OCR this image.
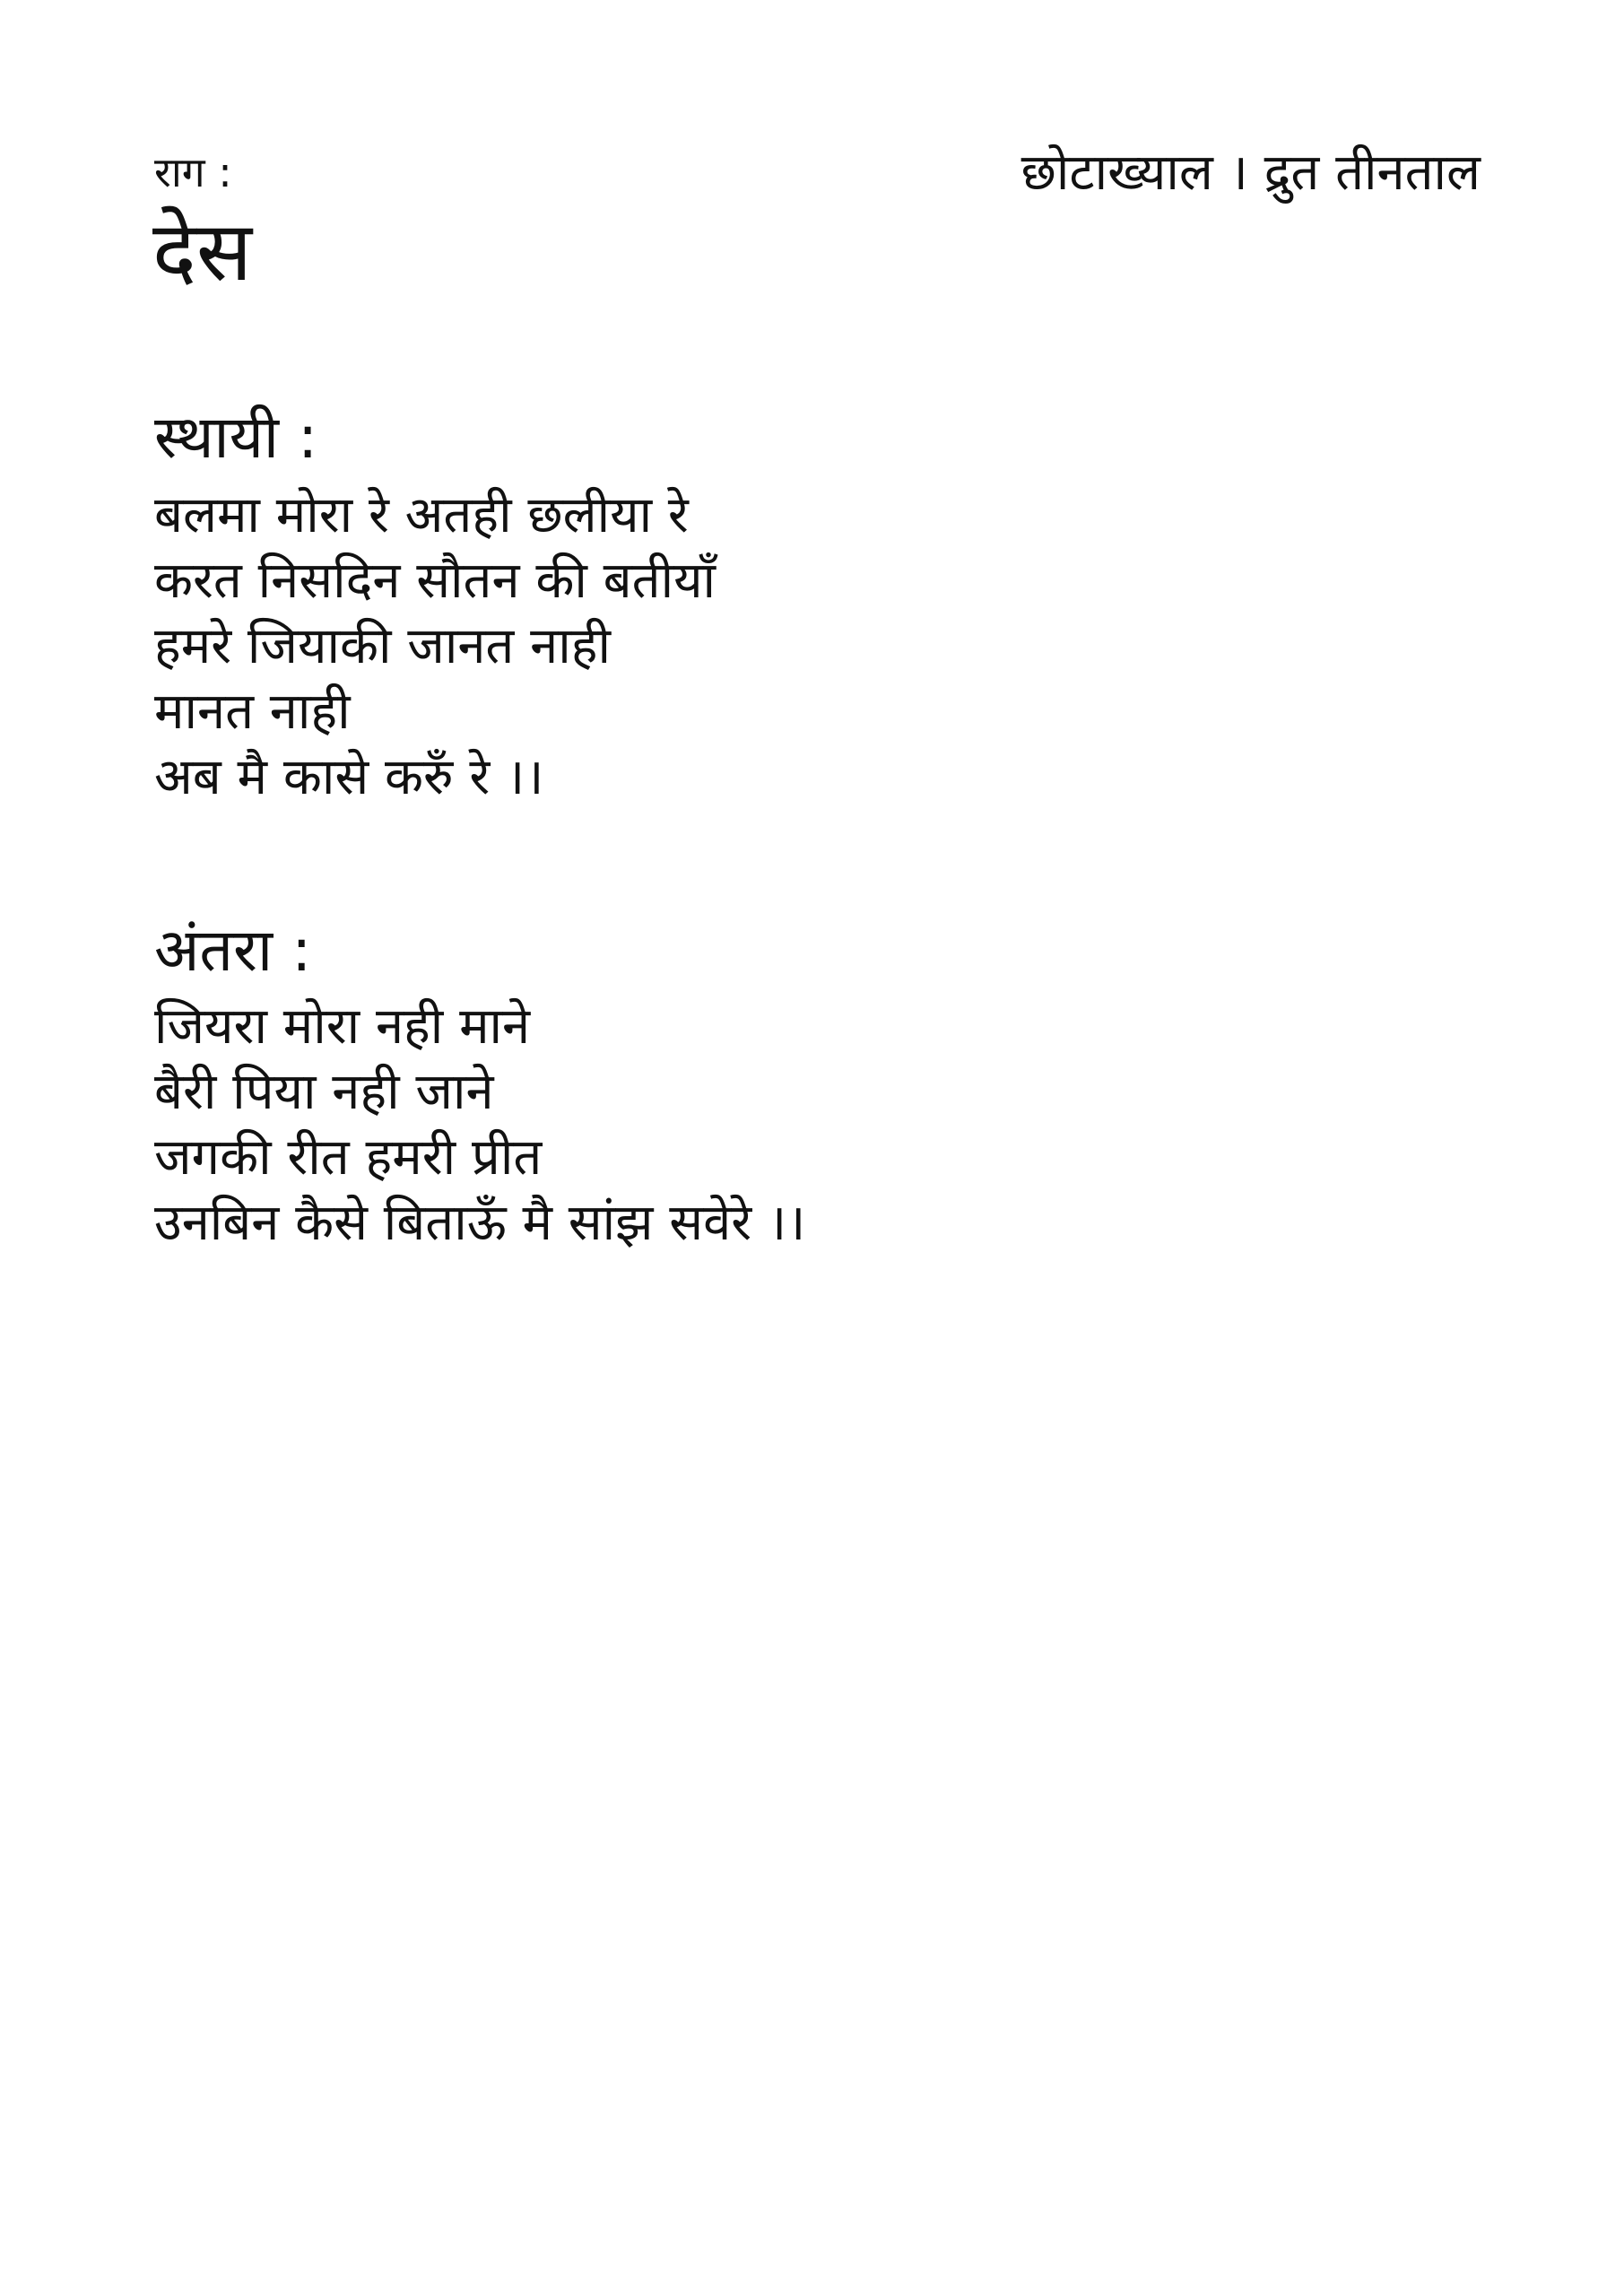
राग :	छोटाख्याल । द्रुत तीनताल
देस
स्थायी :
बलमा मोरा रे अतही छलीया रे
करत निसदिन सौतन की बतीयाँ
हमरे जियाकी जानत नाही
मानत नाही
अब मै कासे करुँ रे ।।
अंतरा :
जियरा मोरा नही माने
बैरी पिया नही जाने
जगकी रीत हमरी प्रीत
उनबिन कैसे बिताऊँ मै सांझ सवेरे ।।
